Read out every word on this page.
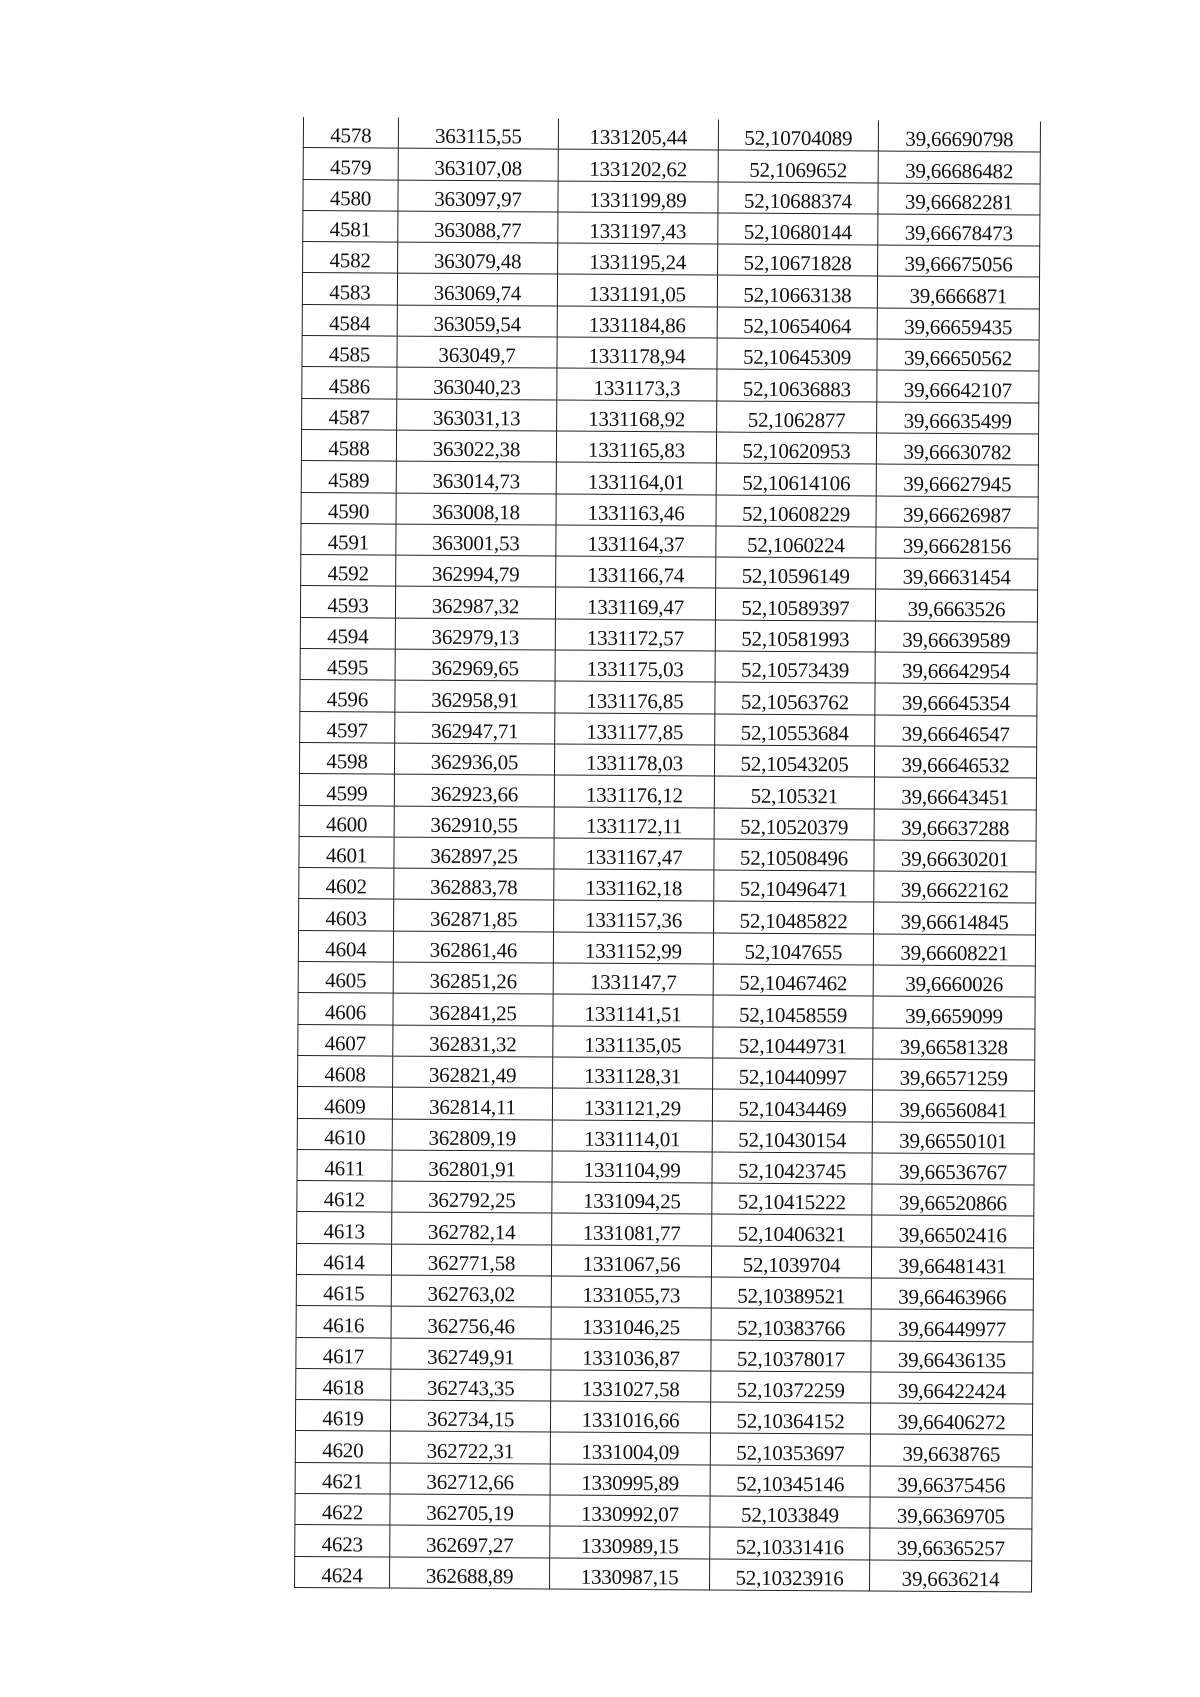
4578	363115,55	1331205,44	52,10704089	39,66690798
4579	363107,08	1331202,62	52,1069652	39,66686482
4580	363097,97	1331199,89	52,10688374	39,66682281
4581	363088,77	1331197,43	52,10680144	39,66678473
4582	363079,48	1331195,24	52,10671828	39,66675056
4583	363069,74	1331191,05	52,10663138	39,6666871
4584	363059,54	1331184,86	52,10654064	39,66659435
4585	363049,7	1331178,94	52,10645309	39,66650562
4586	363040,23	1331173,3	52,10636883	39,66642107
4587	363031,13	1331168,92	52,1062877	39,66635499
4588	363022,38	1331165,83	52,10620953	39,66630782
4589	363014,73	1331164,01	52,10614106	39,66627945
4590	363008,18	1331163,46	52,10608229	39,66626987
4591	363001,53	1331164,37	52,1060224	39,66628156
4592	362994,79	1331166,74	52,10596149	39,66631454
4593	362987,32	1331169,47	52,10589397	39,6663526
4594	362979,13	1331172,57	52,10581993	39,66639589
4595	362969,65	1331175,03	52,10573439	39,66642954
4596	362958,91	1331176,85	52,10563762	39,66645354
4597	362947,71	1331177,85	52,10553684	39,66646547
4598	362936,05	1331178,03	52,10543205	39,66646532
4599	362923,66	1331176,12	52,105321	39,66643451
4600	362910,55	1331172,11	52,10520379	39,66637288
4601	362897,25	1331167,47	52,10508496	39,66630201
4602	362883,78	1331162,18	52,10496471	39,66622162
4603	362871,85	1331157,36	52,10485822	39,66614845
4604	362861,46	1331152,99	52,1047655	39,66608221
4605	362851,26	1331147,7	52,10467462	39,6660026
4606	362841,25	1331141,51	52,10458559	39,6659099
4607	362831,32	1331135,05	52,10449731	39,66581328
4608	362821,49	1331128,31	52,10440997	39,66571259
4609	362814,11	1331121,29	52,10434469	39,66560841
4610	362809,19	1331114,01	52,10430154	39,66550101
4611	362801,91	1331104,99	52,10423745	39,66536767
4612	362792,25	1331094,25	52,10415222	39,66520866
4613	362782,14	1331081,77	52,10406321	39,66502416
4614	362771,58	1331067,56	52,1039704	39,66481431
4615	362763,02	1331055,73	52,10389521	39,66463966
4616	362756,46	1331046,25	52,10383766	39,66449977
4617	362749,91	1331036,87	52,10378017	39,66436135
4618	362743,35	1331027,58	52,10372259	39,66422424
4619	362734,15	1331016,66	52,10364152	39,66406272
4620	362722,31	1331004,09	52,10353697	39,6638765
4621	362712,66	1330995,89	52,10345146	39,66375456
4622	362705,19	1330992,07	52,1033849	39,66369705
4623	362697,27	1330989,15	52,10331416	39,66365257
4624	362688,89	1330987,15	52,10323916	39,6636214
